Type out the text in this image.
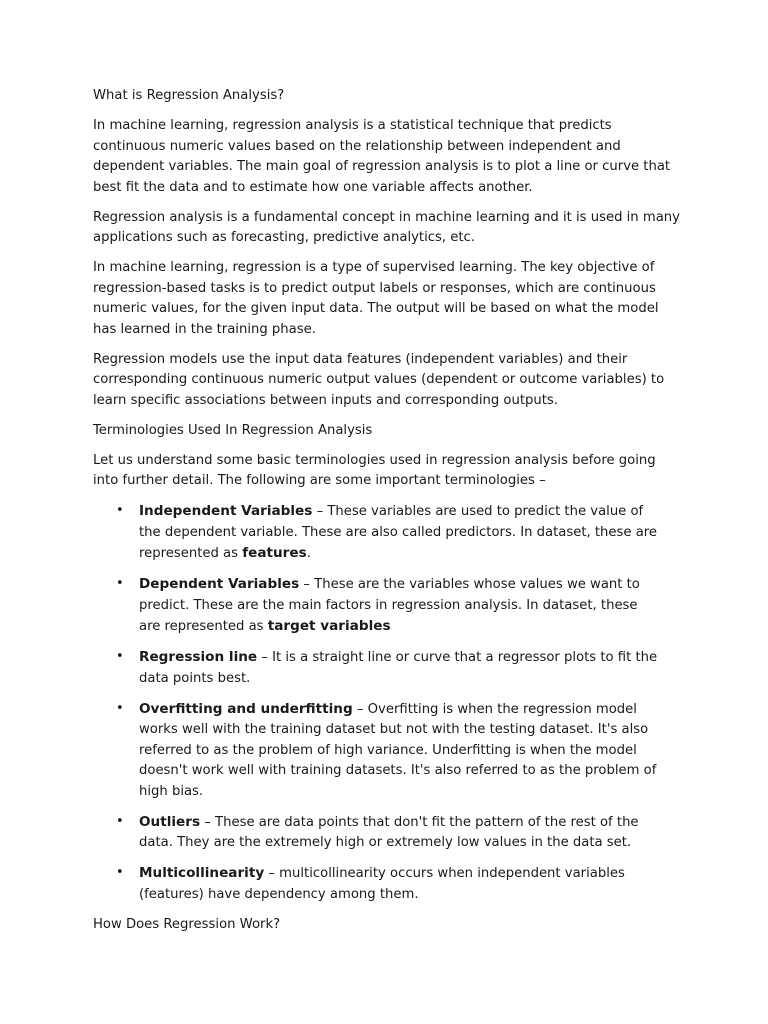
What is Regression Analysis?

In machine learning, regression analysis is a statistical technique that predicts continuous numeric values based on the relationship between independent and dependent variables. The main goal of regression analysis is to plot a line or curve that best fit the data and to estimate how one variable affects another.

Regression analysis is a fundamental concept in machine learning and it is used in many applications such as forecasting, predictive analytics, etc.

In machine learning, regression is a type of supervised learning. The key objective of regression-based tasks is to predict output labels or responses, which are continuous numeric values, for the given input data. The output will be based on what the model has learned in the training phase.

Regression models use the input data features (independent variables) and their corresponding continuous numeric output values (dependent or outcome variables) to learn specific associations between inputs and corresponding outputs.

Terminologies Used In Regression Analysis

Let us understand some basic terminologies used in regression analysis before going into further detail. The following are some important terminologies –

• Independent Variables – These variables are used to predict the value of the dependent variable. These are also called predictors. In dataset, these are represented as features.
• Dependent Variables – These are the variables whose values we want to predict. These are the main factors in regression analysis. In dataset, these are represented as target variables
• Regression line – It is a straight line or curve that a regressor plots to fit the data points best.
• Overfitting and underfitting – Overfitting is when the regression model works well with the training dataset but not with the testing dataset. It's also referred to as the problem of high variance. Underfitting is when the model doesn't work well with training datasets. It's also referred to as the problem of high bias.
• Outliers – These are data points that don't fit the pattern of the rest of the data. They are the extremely high or extremely low values in the data set.
• Multicollinearity – multicollinearity occurs when independent variables (features) have dependency among them.

How Does Regression Work?
